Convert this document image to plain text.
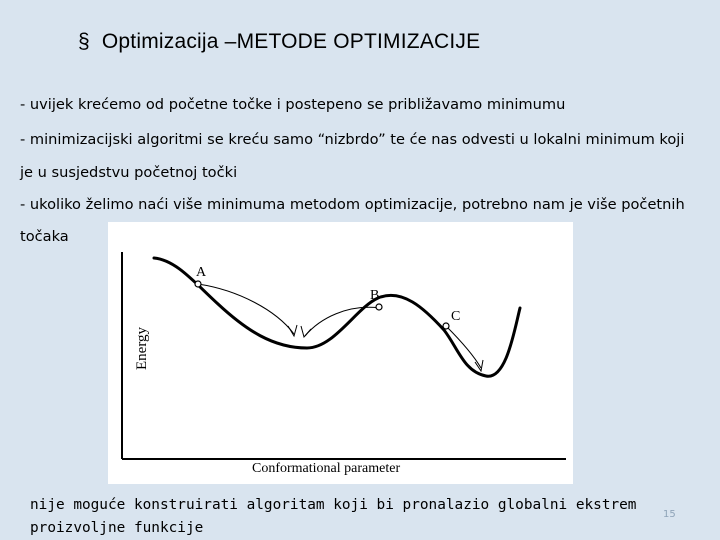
§ Optimizacija –METODE OPTIMIZACIJE
- uvijek krećemo od početne točke i postepeno se približavamo minimumu
- minimizacijski algoritmi se kreću samo “nizbrdo” te će nas odvesti u lokalni minimum koji
je u susjedstvu početnoj točki
- ukoliko želimo naći više minimuma metodom optimizacije, potrebno nam je više početnih
točaka
A
B
C
Energy
Conformational parameter
nije moguće konstruirati algoritam koji bi pronalazio globalni ekstrem proizvoljne funkcije
15
